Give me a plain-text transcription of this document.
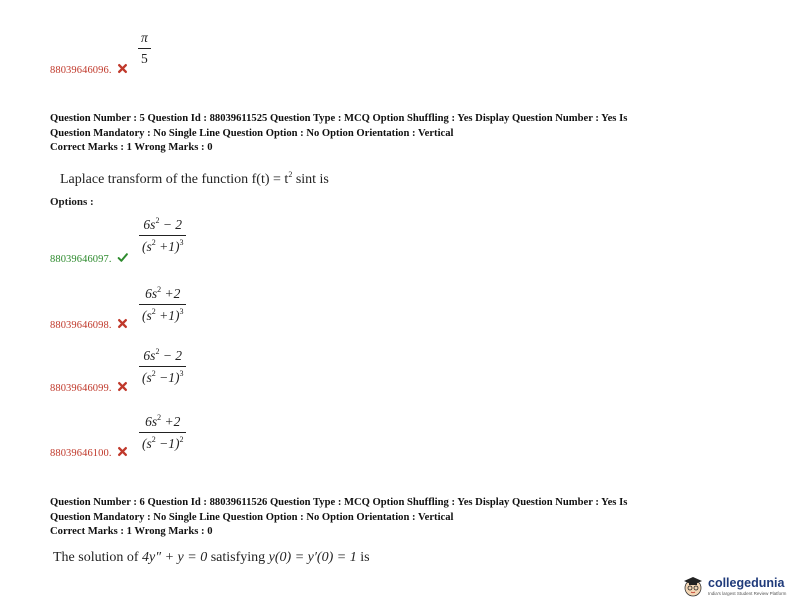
π
5
88039646096.
Question Number : 5 Question Id : 88039611525 Question Type : MCQ Option Shuffling : Yes Display Question Number : Yes Is
Question Mandatory : No Single Line Question Option : No Option Orientation : Vertical
Correct Marks : 1 Wrong Marks : 0
Laplace transform of the function $f(t) = t^2$ sint is
Options :
$6s^2 - 2$
$(s^2 +1)^3$
88039646097.
$6s^2 +2$
$(s^2 +1)^3$
88039646098.
$6s^2 - 2$
$(s^2 -1)^3$
88039646099.
$6s^2 +2$
$(s^2 -1)^2$
88039646100.
Question Number : 6 Question Id : 88039611526 Question Type : MCQ Option Shuffling : Yes Display Question Number : Yes Is
Question Mandatory : No Single Line Question Option : No Option Orientation : Vertical
Correct Marks : 1 Wrong Marks : 0
The solution of 4y″ + y = 0 satisfying y(0) = y′(0) = 1 is
collegedunia
India's largest Student Review Platform
